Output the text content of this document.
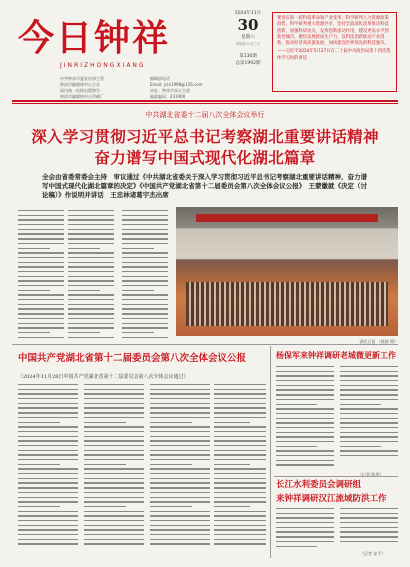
今日钟祥
JINRIZHONGXIANG
中共钟祥市委宣传部主管
钟祥市融媒体中心主办
国内统一连续出版物号
钟祥市融媒体中心印刷厂
编辑部电话
Email: jrzx1998@126.com
社址：钟祥市承天大道
邮政编码：431900
2024年11月
30
星期六
甲辰年十月三十
第130期
总第1992期

要进应新一轮科技革命和产业变革，科学研判人力资源政策趋势，科学研判重大资源共享，坚持全面深化改革推动科技创新，加强科研攻关，发挥创新驱动作用，建设更高水平创新型城市，聚焦发展新质生产力，以科技创新推动产业创新，推动经济高质量发展，加快建设世界领先的科技强市。

——习近平2024年5月27日在二十届中央政治局第十四次集体学习时的讲话

中共湖北省委十二届八次全体会议举行
深入学习贯彻习近平总书记考察湖北重要讲话精神
奋力谱写中国式现代化湖北篇章
全会由省委常委会主持　审议通过《中共湖北省委关于深入学习贯彻习近平总书记考察湖北重要讲话精神、奋力谱写中国式现代化湖北篇章的决定》《中国共产党湖北省第十二届委员会第八次全体会议公报》　王蒙徽就《决定（讨论稿）》作说明并讲话　王忠林诸葛宇杰出席
湖北日报 （姚毅 摄）
中国共产党湖北省第十二届委员会第八次全体会议公报
（2024年11月28日中国共产党湖北省第十二届委员会第八次全体会议通过）
杨保军来钟祥调研老城微更新工作
（记者 陈勇）
长江水利委员会调研组
来钟祥调研汉江流域防洪工作
（记者 宋平）
